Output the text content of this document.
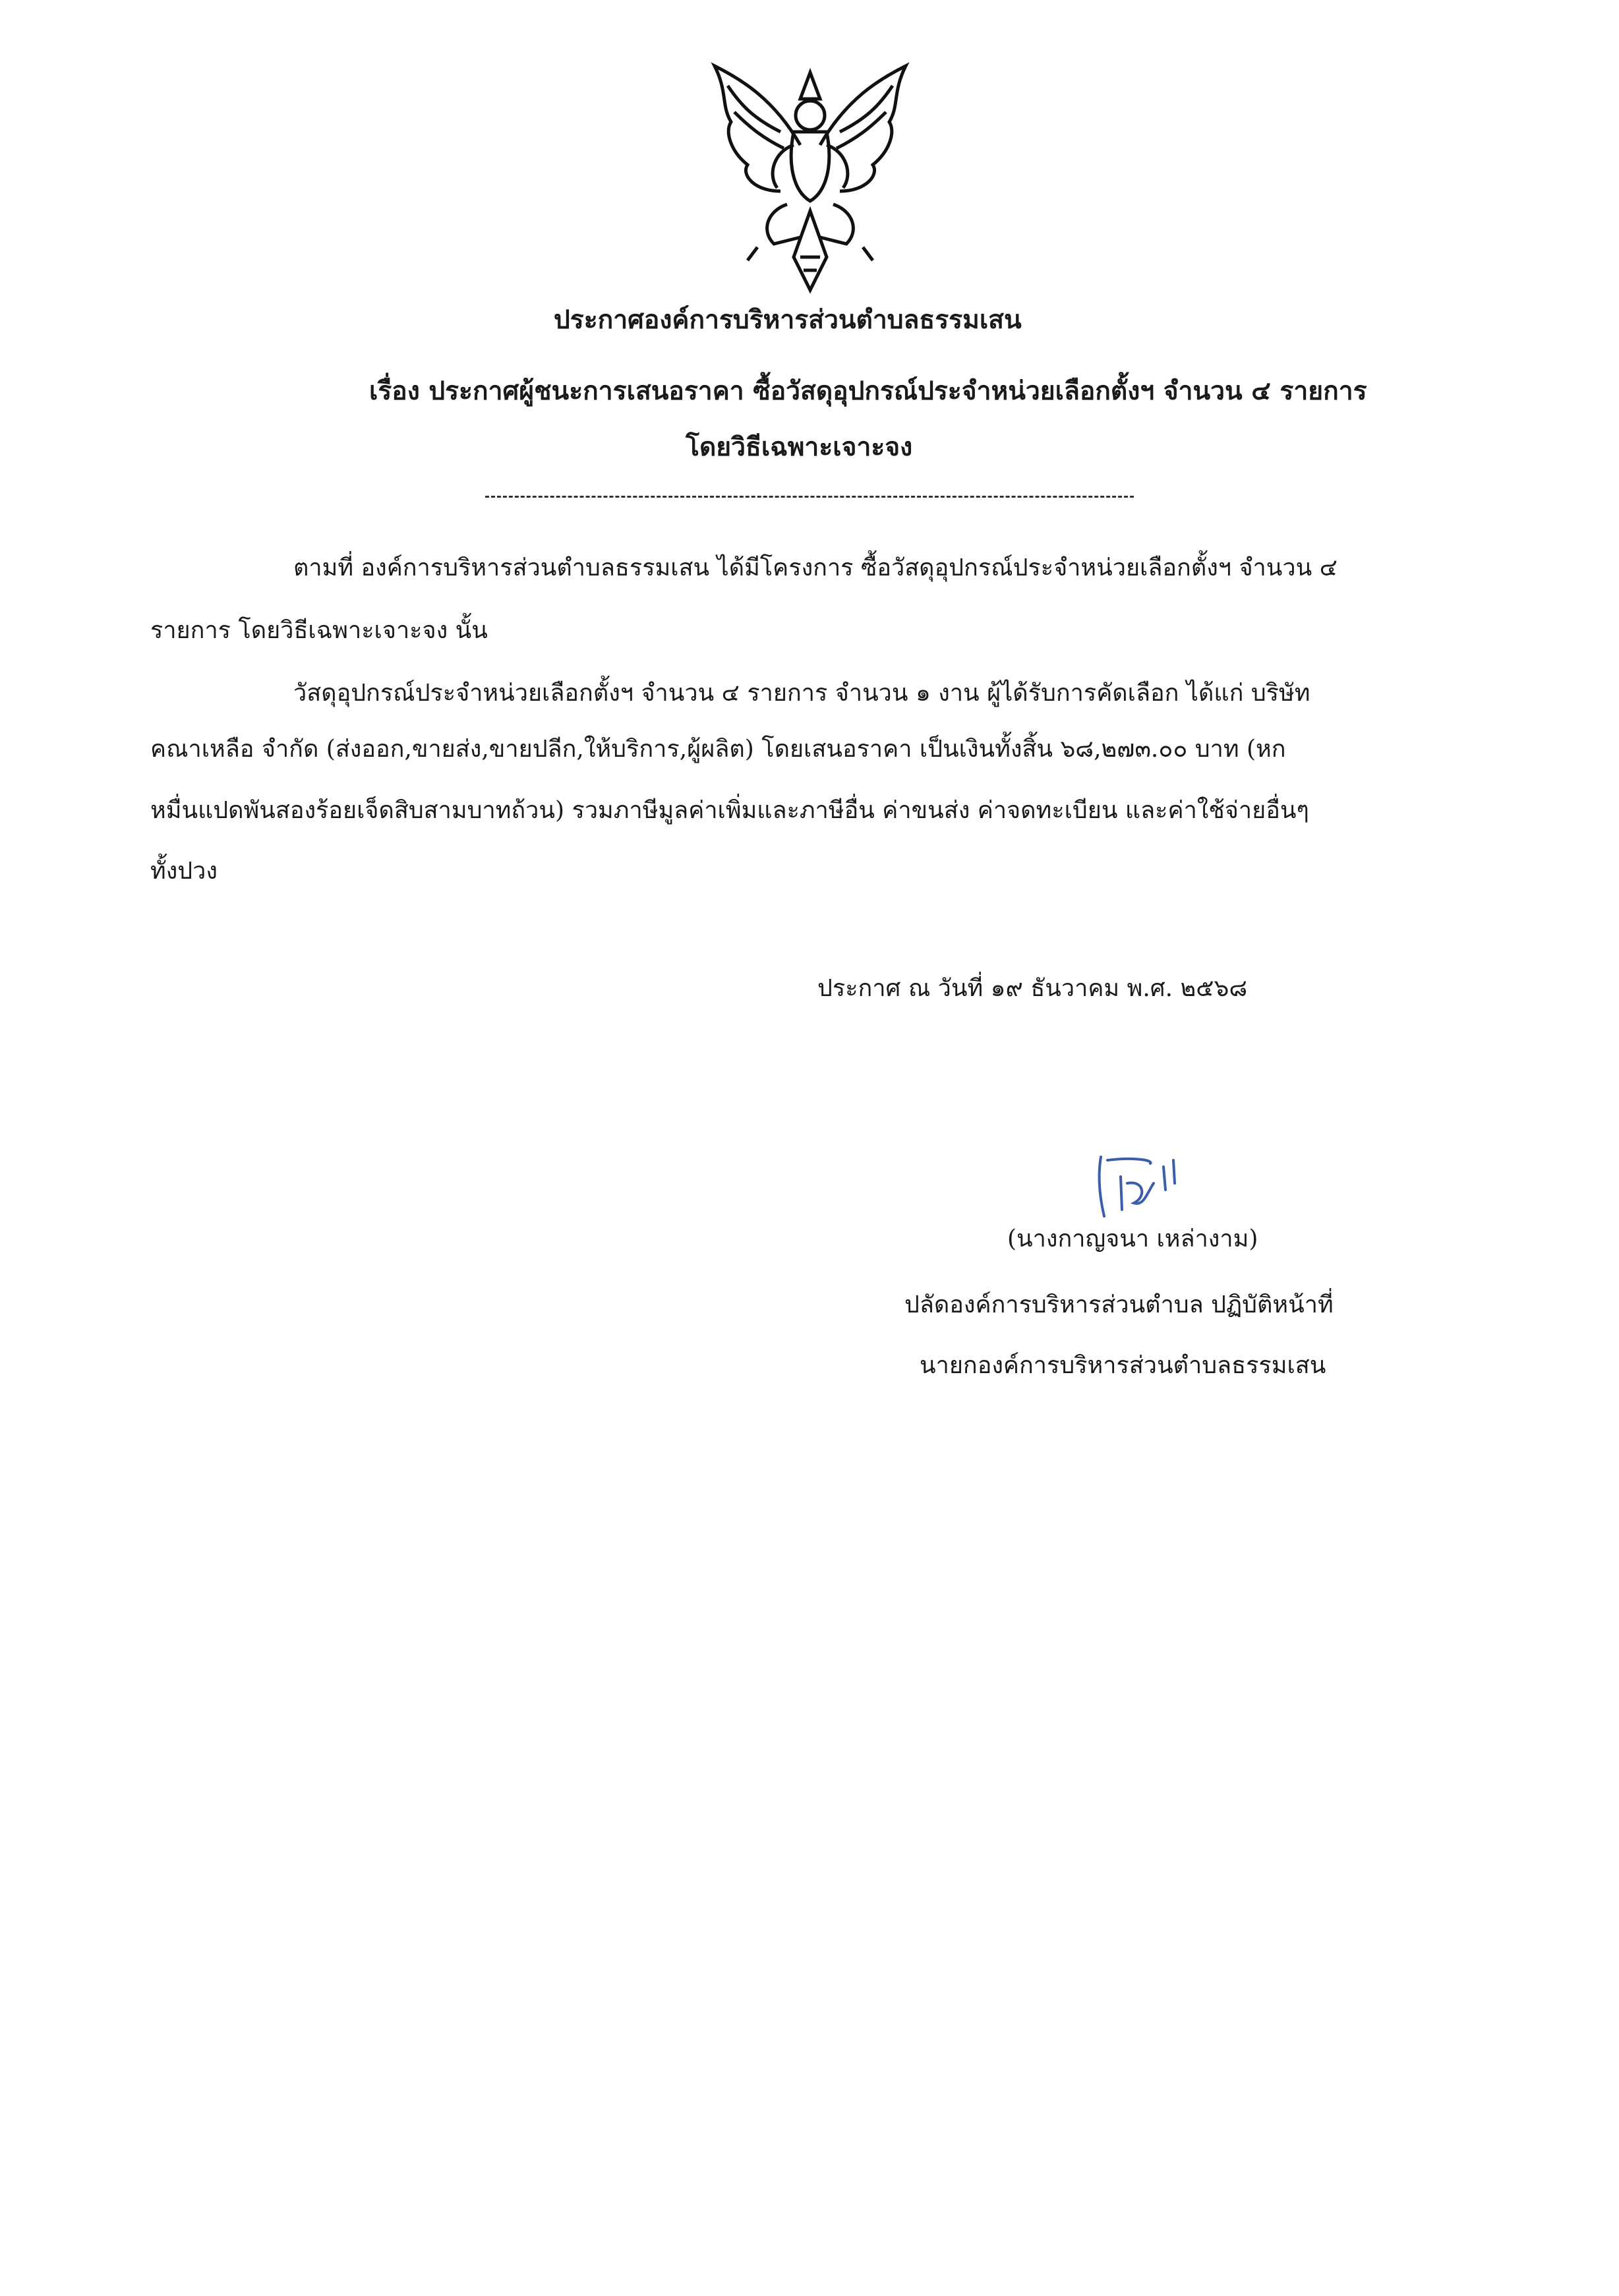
ประกาศองค์การบริหารส่วนตำบลธรรมเสน
เรื่อง ประกาศผู้ชนะการเสนอราคา ซื้อวัสดุอุปกรณ์ประจำหน่วยเลือกตั้งฯ จำนวน ๔ รายการ
โดยวิธีเฉพาะเจาะจง
ตามที่ องค์การบริหารส่วนตำบลธรรมเสน ได้มีโครงการ ซื้อวัสดุอุปกรณ์ประจำหน่วยเลือกตั้งฯ จำนวน ๔
รายการ โดยวิธีเฉพาะเจาะจง นั้น
วัสดุอุปกรณ์ประจำหน่วยเลือกตั้งฯ จำนวน ๔ รายการ จำนวน ๑ งาน ผู้ได้รับการคัดเลือก ได้แก่ บริษัท
คณาเหลือ จำกัด (ส่งออก,ขายส่ง,ขายปลีก,ให้บริการ,ผู้ผลิต) โดยเสนอราคา เป็นเงินทั้งสิ้น ๖๘,๒๗๓.๐๐ บาท (หก
หมื่นแปดพันสองร้อยเจ็ดสิบสามบาทถ้วน) รวมภาษีมูลค่าเพิ่มและภาษีอื่น ค่าขนส่ง ค่าจดทะเบียน และค่าใช้จ่ายอื่นๆ
ทั้งปวง
ประกาศ ณ วันที่ ๑๙ ธันวาคม พ.ศ. ๒๕๖๘
(นางกาญจนา เหล่างาม)
ปลัดองค์การบริหารส่วนตำบล ปฏิบัติหน้าที่
นายกองค์การบริหารส่วนตำบลธรรมเสน
